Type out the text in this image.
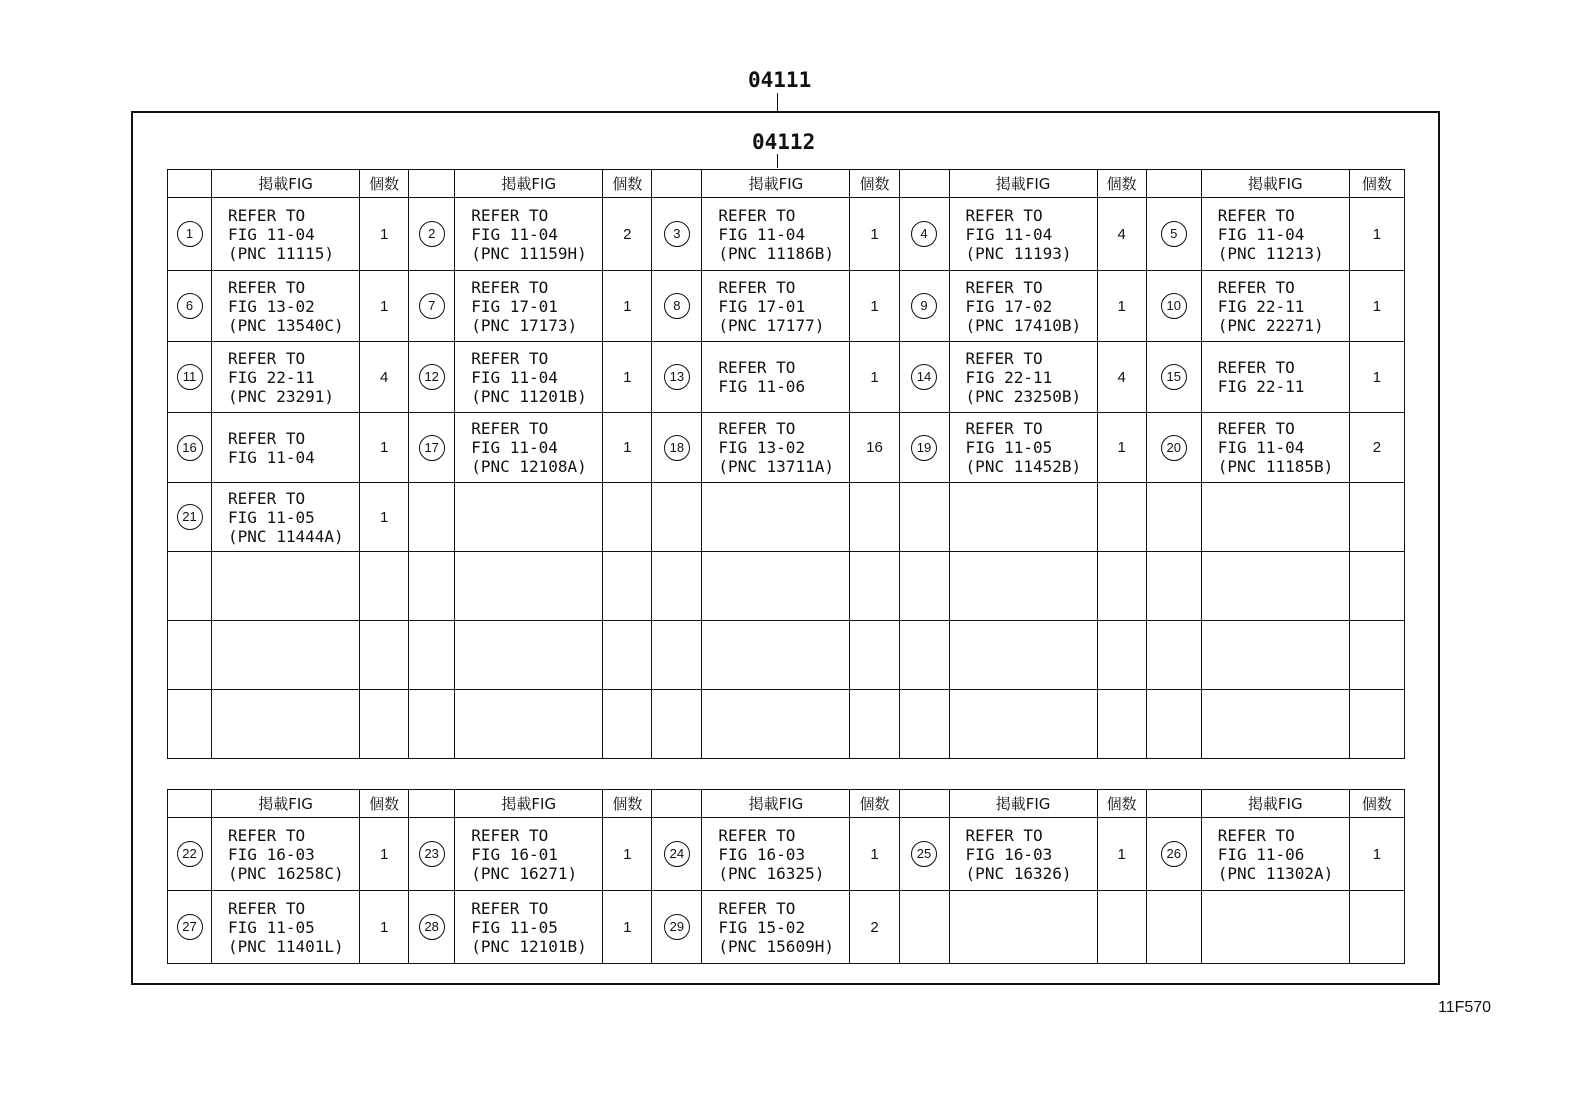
04111
04112
	掲載FIG	個数		掲載FIG	個数		掲載FIG	個数		掲載FIG	個数		掲載FIG	個数
1	REFER TO
FIG 11-04
(PNC 11115)	1	2	REFER TO
FIG 11-04
(PNC 11159H)	2	3	REFER TO
FIG 11-04
(PNC 11186B)	1	4	REFER TO
FIG 11-04
(PNC 11193)	4	5	REFER TO
FIG 11-04
(PNC 11213)	1
6	REFER TO
FIG 13-02
(PNC 13540C)	1	7	REFER TO
FIG 17-01
(PNC 17173)	1	8	REFER TO
FIG 17-01
(PNC 17177)	1	9	REFER TO
FIG 17-02
(PNC 17410B)	1	10	REFER TO
FIG 22-11
(PNC 22271)	1
11	REFER TO
FIG 22-11
(PNC 23291)	4	12	REFER TO
FIG 11-04
(PNC 11201B)	1	13	REFER TO
FIG 11-06	1	14	REFER TO
FIG 22-11
(PNC 23250B)	4	15	REFER TO
FIG 22-11	1
16	REFER TO
FIG 11-04	1	17	REFER TO
FIG 11-04
(PNC 12108A)	1	18	REFER TO
FIG 13-02
(PNC 13711A)	16	19	REFER TO
FIG 11-05
(PNC 11452B)	1	20	REFER TO
FIG 11-04
(PNC 11185B)	2
21	REFER TO
FIG 11-05
(PNC 11444A)	1												

	掲載FIG	個数		掲載FIG	個数		掲載FIG	個数		掲載FIG	個数		掲載FIG	個数
22	REFER TO
FIG 16-03
(PNC 16258C)	1	23	REFER TO
FIG 16-01
(PNC 16271)	1	24	REFER TO
FIG 16-03
(PNC 16325)	1	25	REFER TO
FIG 16-03
(PNC 16326)	1	26	REFER TO
FIG 11-06
(PNC 11302A)	1
27	REFER TO
FIG 11-05
(PNC 11401L)	1	28	REFER TO
FIG 11-05
(PNC 12101B)	1	29	REFER TO
FIG 15-02
(PNC 15609H)	2						
11F570
